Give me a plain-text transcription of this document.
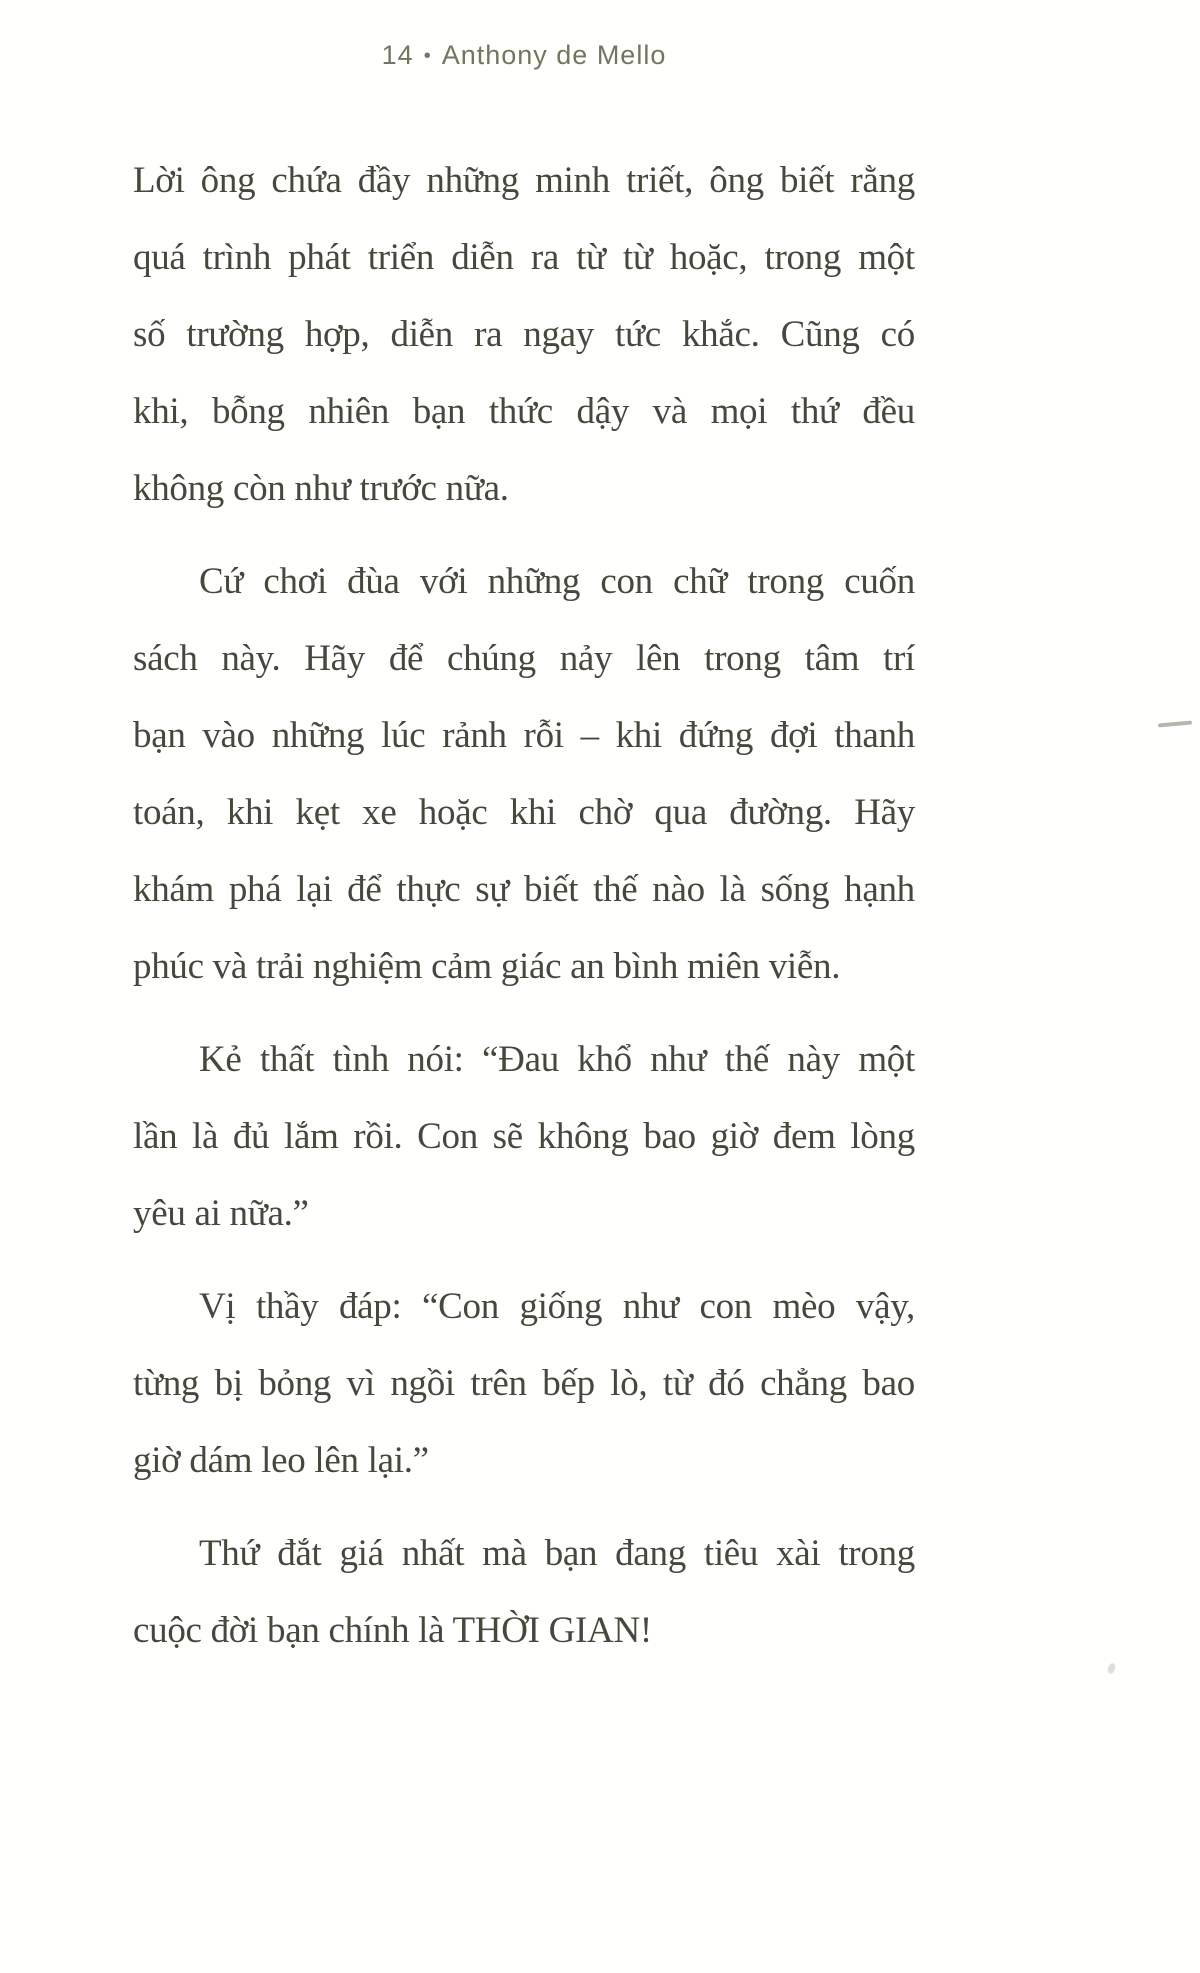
14 • Anthony de Mello
Lời ông chứa đầy những minh triết, ông biết rằng
quá trình phát triển diễn ra từ từ hoặc, trong một
số trường hợp, diễn ra ngay tức khắc. Cũng có
khi, bỗng nhiên bạn thức dậy và mọi thứ đều
không còn như trước nữa.
Cứ chơi đùa với những con chữ trong cuốn
sách này. Hãy để chúng nảy lên trong tâm trí
bạn vào những lúc rảnh rỗi – khi đứng đợi thanh
toán, khi kẹt xe hoặc khi chờ qua đường. Hãy
khám phá lại để thực sự biết thế nào là sống hạnh
phúc và trải nghiệm cảm giác an bình miên viễn.
Kẻ thất tình nói: “Đau khổ như thế này một
lần là đủ lắm rồi. Con sẽ không bao giờ đem lòng
yêu ai nữa.”
Vị thầy đáp: “Con giống như con mèo vậy,
từng bị bỏng vì ngồi trên bếp lò, từ đó chẳng bao
giờ dám leo lên lại.”
Thứ đắt giá nhất mà bạn đang tiêu xài trong
cuộc đời bạn chính là THỜI GIAN!
